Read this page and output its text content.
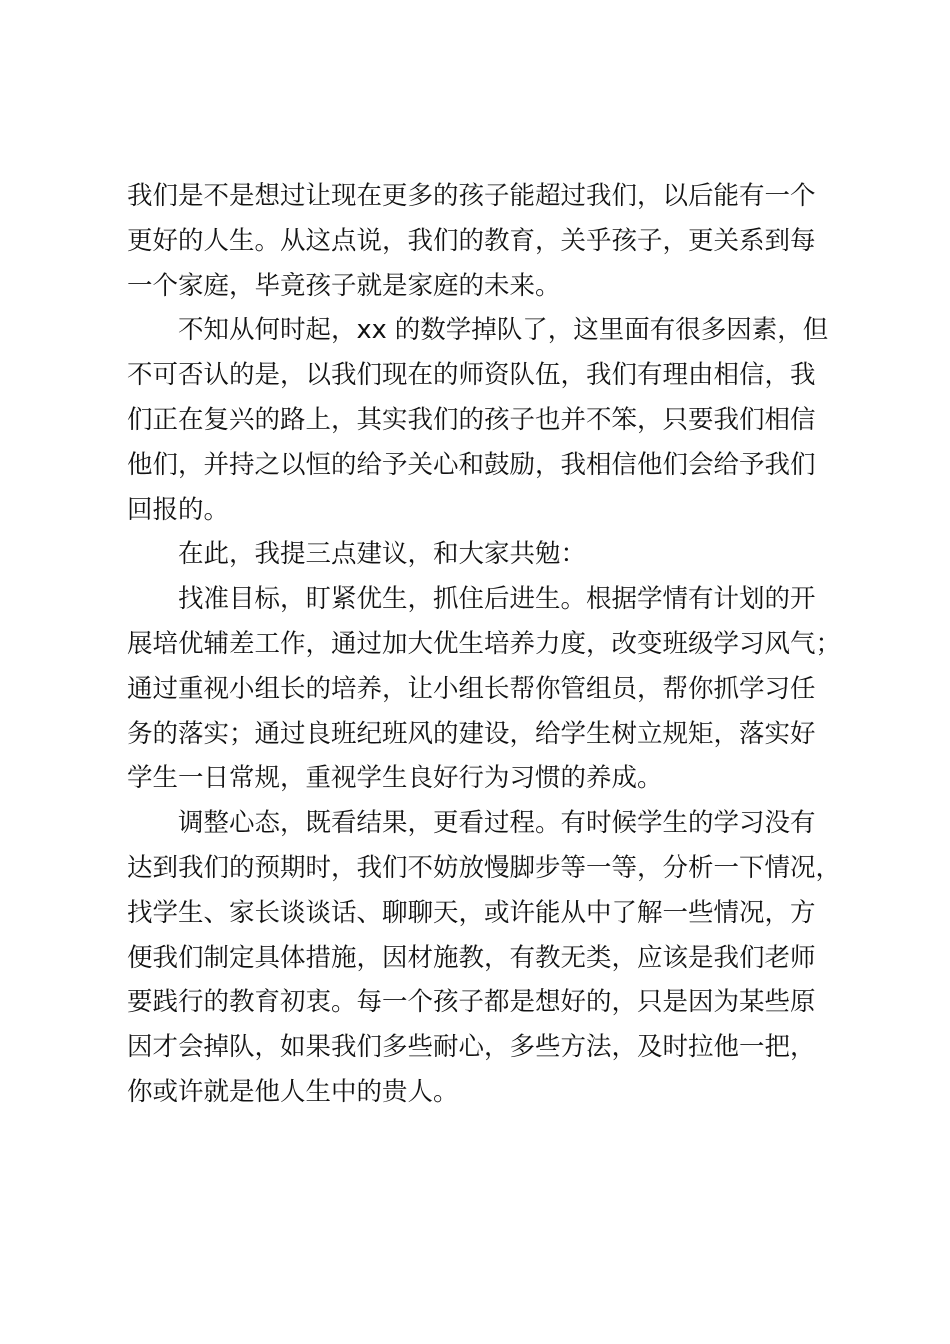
我们是不是想过让现在更多的孩子能超过我们，以后能有一个
更好的人生。从这点说，我们的教育，关乎孩子，更关系到每
一个家庭，毕竟孩子就是家庭的未来。

不知从何时起，xx 的数学掉队了，这里面有很多因素，但
不可否认的是，以我们现在的师资队伍，我们有理由相信，我
们正在复兴的路上，其实我们的孩子也并不笨，只要我们相信
他们，并持之以恒的给予关心和鼓励，我相信他们会给予我们
回报的。

在此，我提三点建议，和大家共勉：

找准目标，盯紧优生，抓住后进生。根据学情有计划的开
展培优辅差工作，通过加大优生培养力度，改变班级学习风气；
通过重视小组长的培养，让小组长帮你管组员，帮你抓学习任
务的落实；通过良班纪班风的建设，给学生树立规矩，落实好
学生一日常规，重视学生良好行为习惯的养成。

调整心态，既看结果，更看过程。有时候学生的学习没有
达到我们的预期时，我们不妨放慢脚步等一等，分析一下情况，
找学生、家长谈谈话、聊聊天，或许能从中了解一些情况，方
便我们制定具体措施，因材施教，有教无类，应该是我们老师
要践行的教育初衷。每一个孩子都是想好的，只是因为某些原
因才会掉队，如果我们多些耐心，多些方法，及时拉他一把，
你或许就是他人生中的贵人。
